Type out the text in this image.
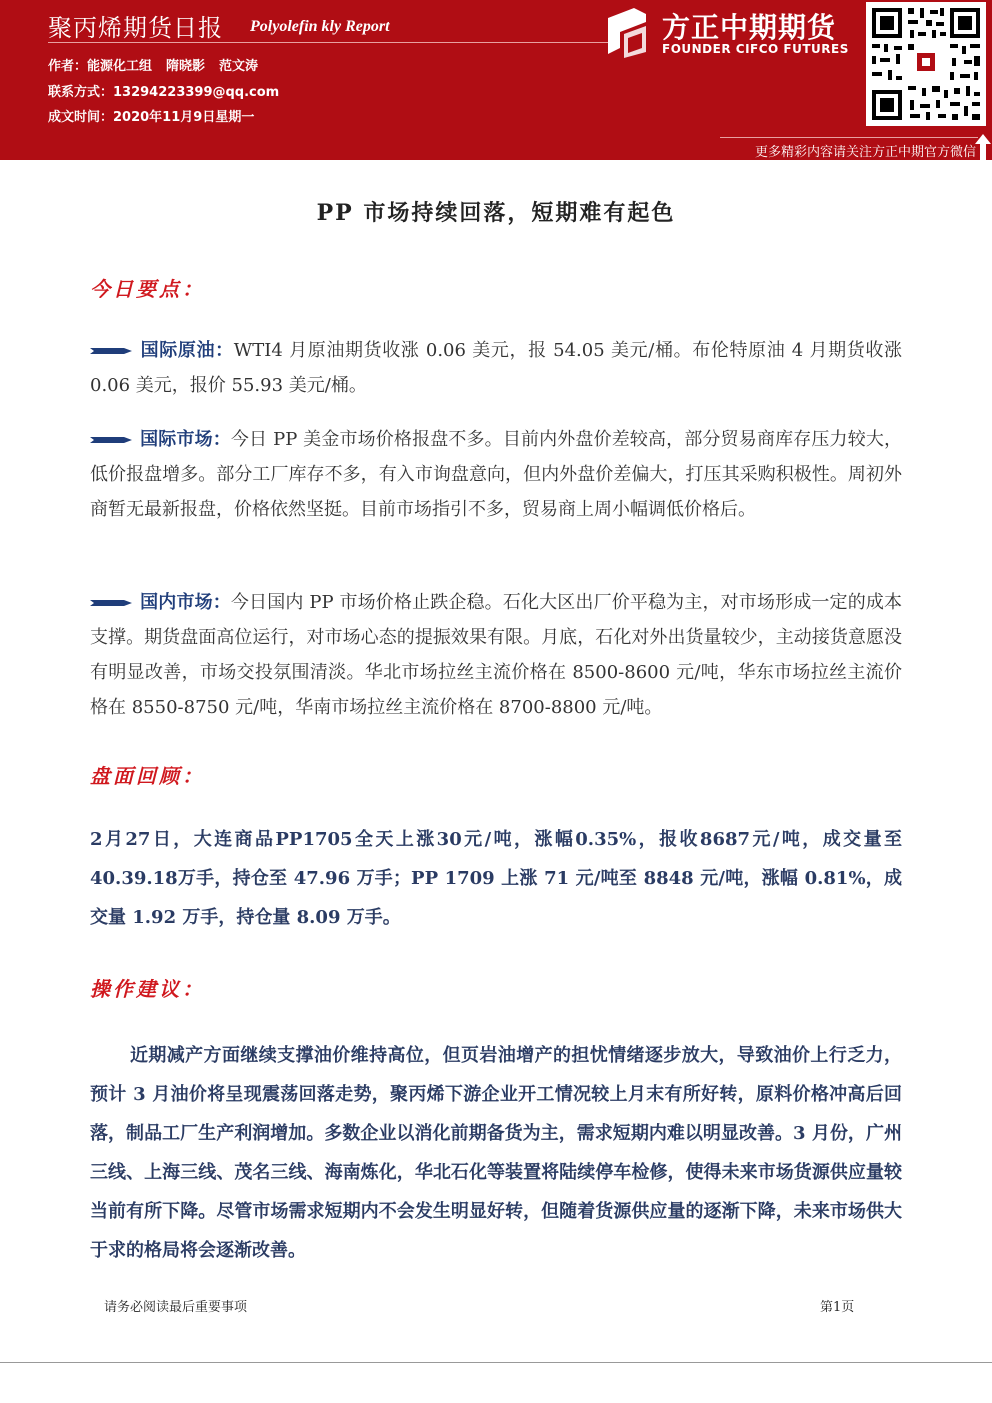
聚丙烯期货日报 Polyolefin kly Report
作者：能源化工组 隋晓影 范文涛
联系方式：13294223399@qq.com
成文时间：2020年11月9日星期一
方正中期期货
FOUNDER CIFCO FUTURES
更多精彩内容请关注方正中期官方微信
PP 市场持续回落，短期难有起色
今日要点：
国际原油：WTI4 月原油期货收涨 0.06 美元，报 54.05 美元/桶。布伦特原油 4 月期货收涨 0.06 美元，报价 55.93 美元/桶。
国际市场：今日 PP 美金市场价格报盘不多。目前内外盘价差较高，部分贸易商库存压力较大，低价报盘增多。部分工厂库存不多，有入市询盘意向，但内外盘价差偏大，打压其采购积极性。周初外商暂无最新报盘，价格依然坚挺。目前市场指引不多，贸易商上周小幅调低价格后。
国内市场：今日国内 PP 市场价格止跌企稳。石化大区出厂价平稳为主，对市场形成一定的成本支撑。期货盘面高位运行，对市场心态的提振效果有限。月底，石化对外出货量较少，主动接货意愿没有明显改善，市场交投氛围清淡。华北市场拉丝主流价格在 8500-8600 元/吨，华东市场拉丝主流价格在 8550-8750 元/吨，华南市场拉丝主流价格在 8700-8800 元/吨。
盘面回顾：
2月27日，大连商品PP1705全天上涨30元/吨，涨幅0.35%，报收8687元/吨，成交量至40.39.18万手，持仓至 47.96 万手；PP 1709 上涨 71 元/吨至 8848 元/吨，涨幅 0.81%，成交量 1.92 万手，持仓量 8.09 万手。
操作建议：
近期减产方面继续支撑油价维持高位，但页岩油增产的担忧情绪逐步放大，导致油价上行乏力，预计 3 月油价将呈现震荡回落走势，聚丙烯下游企业开工情况较上月末有所好转，原料价格冲高后回落，制品工厂生产利润增加。多数企业以消化前期备货为主，需求短期内难以明显改善。3 月份，广州三线、上海三线、茂名三线、海南炼化，华北石化等装置将陆续停车检修，使得未来市场货源供应量较当前有所下降。尽管市场需求短期内不会发生明显好转，但随着货源供应量的逐渐下降，未来市场供大于求的格局将会逐渐改善。
请务必阅读最后重要事项	第1页
